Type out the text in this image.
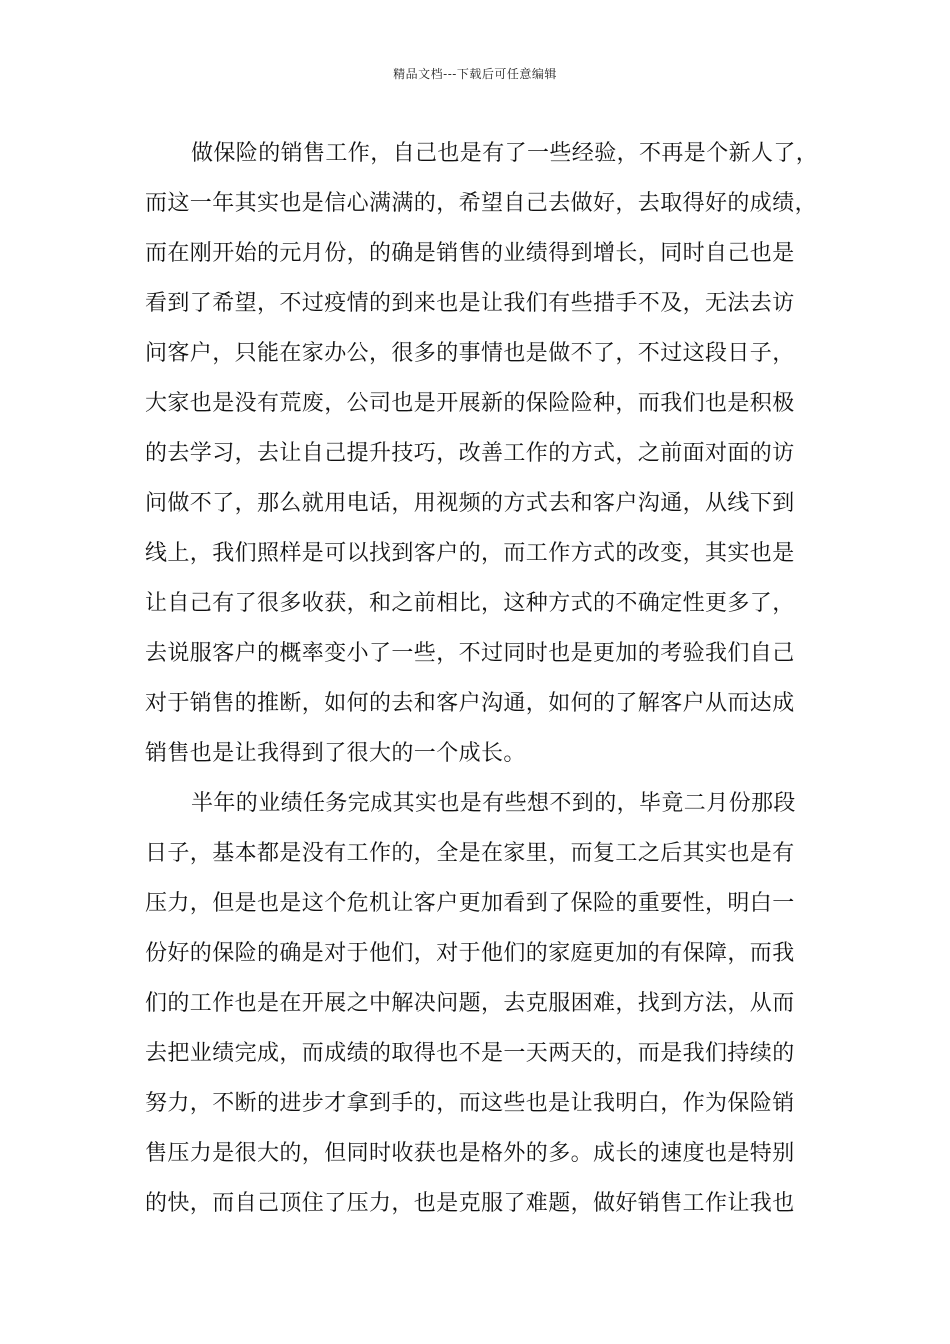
精品文档---下载后可任意编辑
做保险的销售工作，自己也是有了一些经验，不再是个新人了，
而这一年其实也是信心满满的，希望自己去做好，去取得好的成绩，
而在刚开始的元月份，的确是销售的业绩得到增长，同时自己也是
看到了希望，不过疫情的到来也是让我们有些措手不及，无法去访
问客户，只能在家办公，很多的事情也是做不了，不过这段日子，
大家也是没有荒废，公司也是开展新的保险险种，而我们也是积极
的去学习，去让自己提升技巧，改善工作的方式，之前面对面的访
问做不了，那么就用电话，用视频的方式去和客户沟通，从线下到
线上，我们照样是可以找到客户的，而工作方式的改变，其实也是
让自己有了很多收获，和之前相比，这种方式的不确定性更多了，
去说服客户的概率变小了一些，不过同时也是更加的考验我们自己
对于销售的推断，如何的去和客户沟通，如何的了解客户从而达成
销售也是让我得到了很大的一个成长。
半年的业绩任务完成其实也是有些想不到的，毕竟二月份那段
日子，基本都是没有工作的，全是在家里，而复工之后其实也是有
压力，但是也是这个危机让客户更加看到了保险的重要性，明白一
份好的保险的确是对于他们，对于他们的家庭更加的有保障，而我
们的工作也是在开展之中解决问题，去克服困难，找到方法，从而
去把业绩完成，而成绩的取得也不是一天两天的，而是我们持续的
努力，不断的进步才拿到手的，而这些也是让我明白，作为保险销
售压力是很大的，但同时收获也是格外的多。成长的速度也是特别
的快，而自己顶住了压力，也是克服了难题，做好销售工作让我也
